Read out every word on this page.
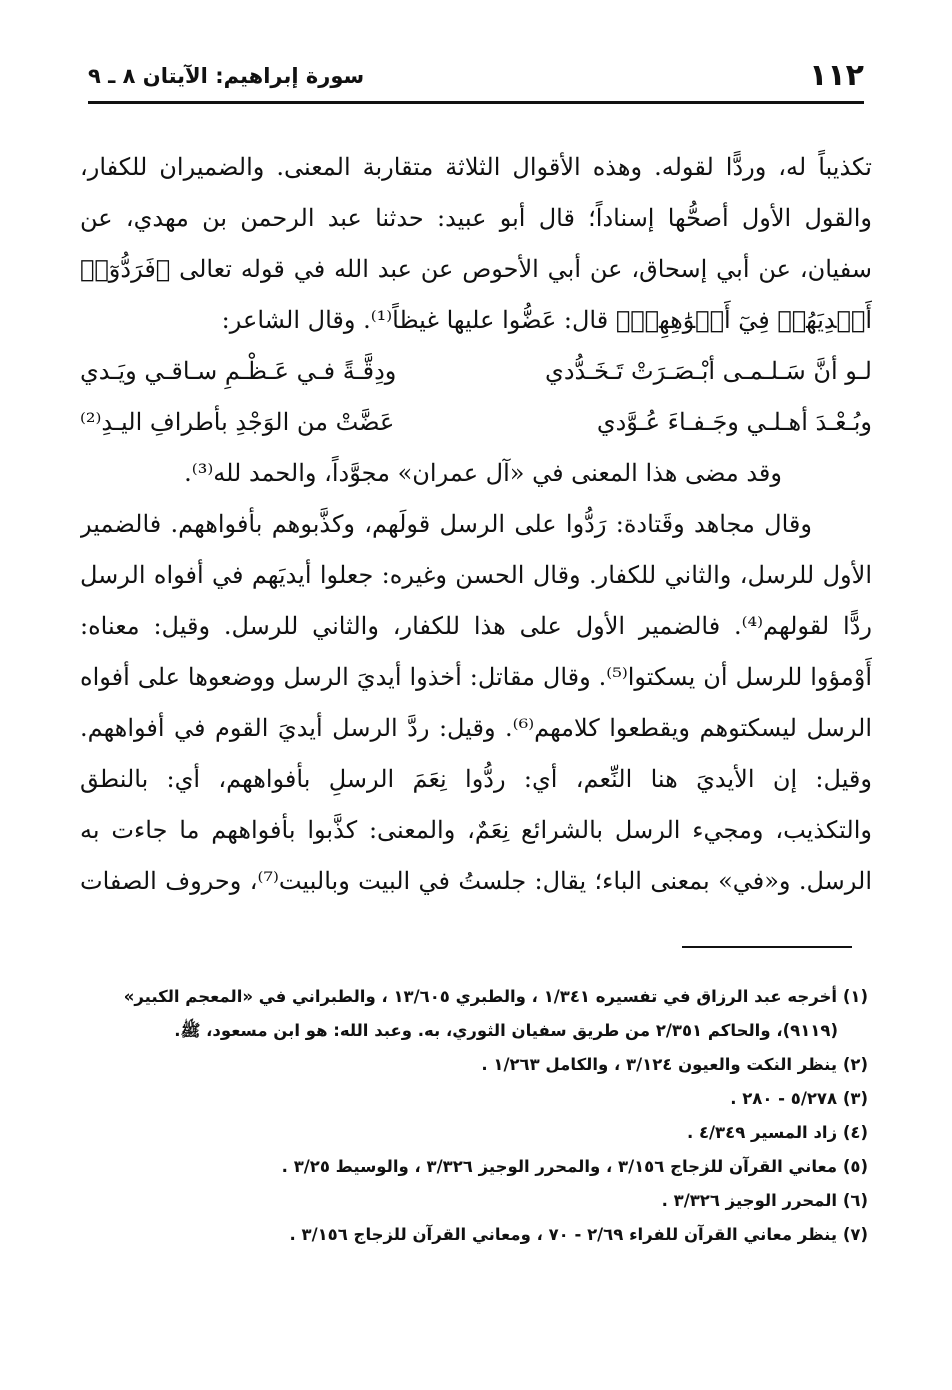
١١٢
سورة إبراهيم: الآيتان ٨ ـ ٩
تكذيباً له، وردًّا لقوله. وهذه الأقوال الثلاثة متقاربة المعنى. والضميران للكفار،
والقول الأول أصحُّها إسناداً؛ قال أبو عبيد: حدثنا عبد الرحمن بن مهدي، عن
سفيان، عن أبي إسحاق، عن أبي الأحوص عن عبد الله في قوله تعالى ﴿فَرَدُّوٓا۟
أَيۡدِيَهُمۡ فِيٓ أَفۡوَٰهِهِمۡ﴾ قال: عَضُّوا عليها غيظاً⁽¹⁾. وقال الشاعر:
لـو أنَّ سَـلـمـى أبْـصَـرَتْ تَـخَـدُّدي
ودِقَّـةً فـي عَـظْـمِ سـاقـي ويَـدي
وبُـعْـدَ أهـلـي وجَـفـاءَ عُـوَّدي
عَضَّتْ من الوَجْدِ بأطرافِ اليـدِ⁽²⁾
وقد مضى هذا المعنى في «آل عمران» مجوَّداً، والحمد لله⁽³⁾.
وقال مجاهد وقَتادة: رَدُّوا على الرسل قولَهم، وكذَّبوهم بأفواههم. فالضمير
الأول للرسل، والثاني للكفار. وقال الحسن وغيره: جعلوا أيديَهم في أفواه الرسل
ردًّا لقولهم⁽⁴⁾. فالضمير الأول على هذا للكفار، والثاني للرسل. وقيل: معناه:
أَوْمؤوا للرسل أن يسكتوا⁽⁵⁾. وقال مقاتل: أخذوا أيديَ الرسل ووضعوها على أفواه
الرسل ليسكتوهم ويقطعوا كلامهم⁽⁶⁾. وقيل: ردَّ الرسل أيديَ القوم في أفواههم.
وقيل: إن الأيديَ هنا النِّعم، أي: ردُّوا نِعَمَ الرسلِ بأفواههم، أي: بالنطق
والتكذيب، ومجيء الرسل بالشرائع نِعَمٌ، والمعنى: كذَّبوا بأفواههم ما جاءت به
الرسل. و«في» بمعنى الباء؛ يقال: جلستُ في البيت وبالبيت⁽⁷⁾، وحروف الصفات
(١) أخرجه عبد الرزاق في تفسيره ١/٣٤١ ، والطبري ١٣/٦٠٥ ، والطبراني في «المعجم الكبير»
(٩١١٩)، والحاكم ٢/٣٥١ من طريق سفيان الثوري، به. وعبد الله: هو ابن مسعود، ﷺ.
(٢) ينظر النكت والعيون ٣/١٢٤ ، والكامل ١/٢٦٣ .
(٣) ٥/٢٧٨ - ٢٨٠ .
(٤) زاد المسير ٤/٣٤٩ .
(٥) معاني القرآن للزجاج ٣/١٥٦ ، والمحرر الوجيز ٣/٣٢٦ ، والوسيط ٣/٢٥ .
(٦) المحرر الوجيز ٣/٣٢٦ .
(٧) ينظر معاني القرآن للفراء ٢/٦٩ - ٧٠ ، ومعاني القرآن للزجاج ٣/١٥٦ .
